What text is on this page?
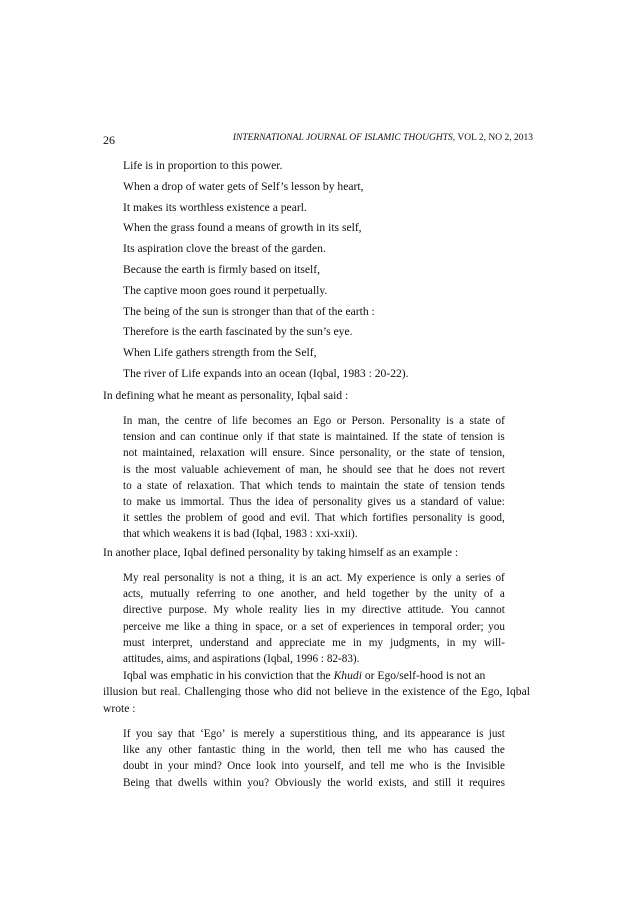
26	INTERNATIONAL JOURNAL OF ISLAMIC THOUGHTS, VOL 2, NO 2, 2013
Life is in proportion to this power.
When a drop of water gets of Self’s lesson by heart,
It makes its worthless existence a pearl.
When the grass found a means of growth in its self,
Its aspiration clove the breast of the garden.
Because the earth is firmly based on itself,
The captive moon goes round it perpetually.
The being of the sun is stronger than that of the earth :
Therefore is the earth fascinated by the sun’s eye.
When Life gathers strength from the Self,
The river of Life expands into an ocean (Iqbal, 1983 : 20-22).
In defining what he meant as personality, Iqbal said :
In man, the centre of life becomes an Ego or Person. Personality is a state of
tension and can continue only if that state is maintained. If the state of tension is
not maintained, relaxation will ensure. Since personality, or the state of tension,
is the most valuable achievement of man, he should see that he does not revert
to a state of relaxation. That which tends to maintain the state of tension tends
to make us immortal. Thus the idea of personality gives us a standard of value:
it settles the problem of good and evil. That which fortifies personality is good,
that which weakens it is bad (Iqbal, 1983 : xxi-xxii).
In another place, Iqbal defined personality by taking himself as an example :
My real personality is not a thing, it is an act. My experience is only a series of
acts, mutually referring to one another, and held together by the unity of a
directive purpose. My whole reality lies in my directive attitude. You cannot
perceive me like a thing in space, or a set of experiences in temporal order; you
must interpret, understand and appreciate me in my judgments, in my will-
attitudes, aims, and aspirations (Iqbal, 1996 : 82-83).
Iqbal was emphatic in his conviction that the Khudi or Ego/self-hood is not an
illusion but real. Challenging those who did not believe in the existence of the Ego, Iqbal
wrote :
If you say that ‘Ego’ is merely a superstitious thing, and its appearance is just
like any other fantastic thing in the world, then tell me who has caused the
doubt in your mind? Once look into yourself, and tell me who is the Invisible
Being that dwells within you? Obviously the world exists, and still it requires
